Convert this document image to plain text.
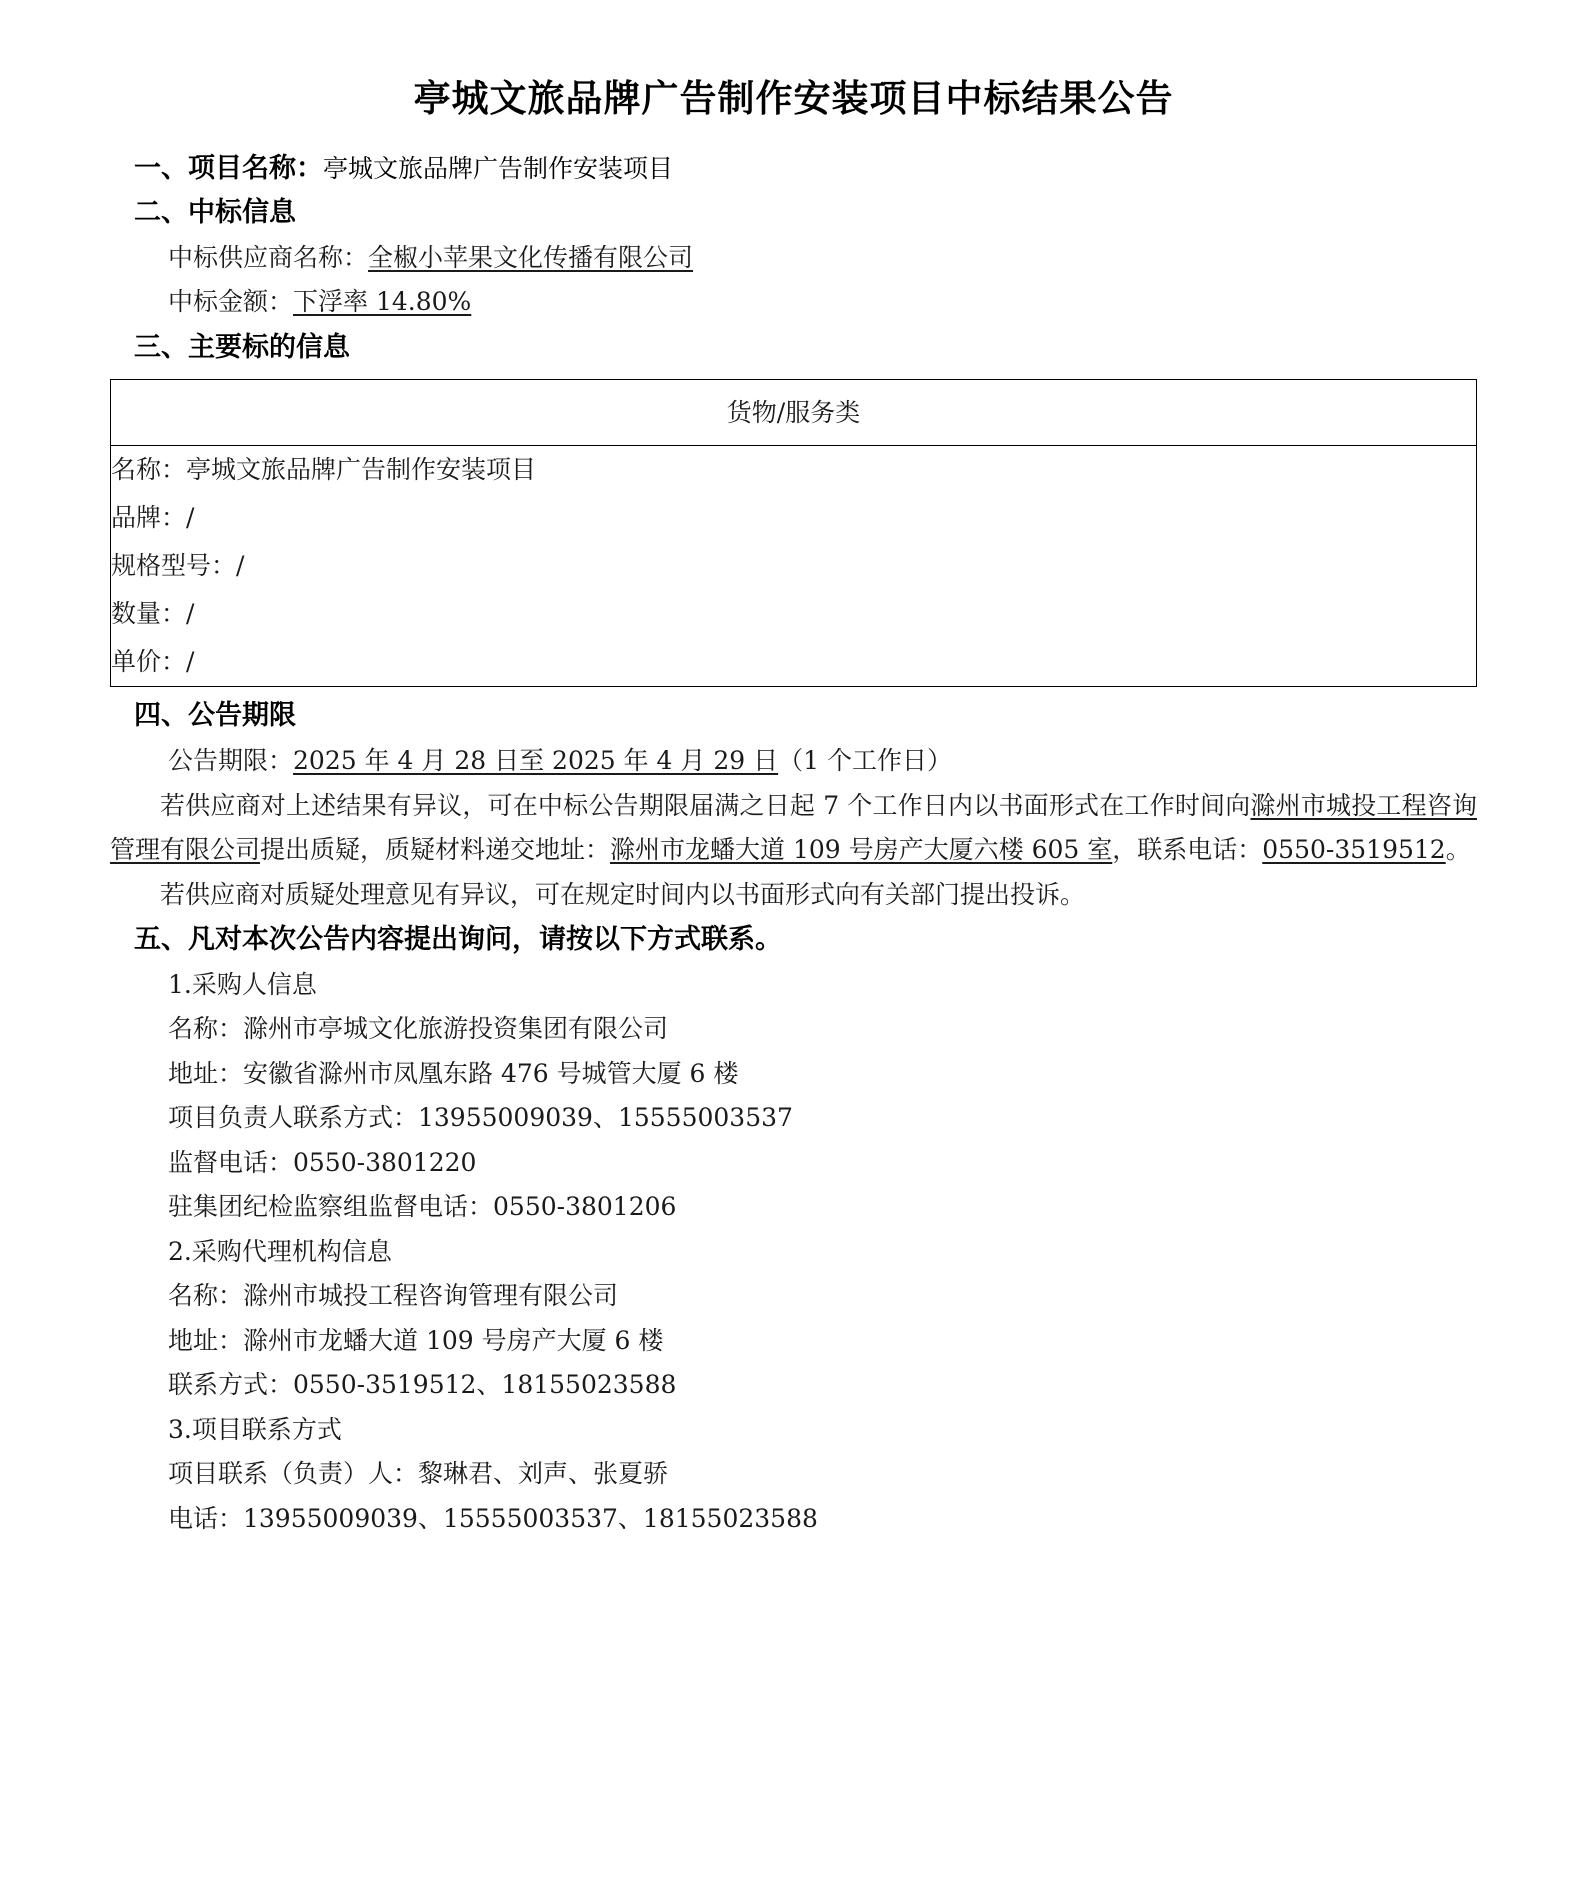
亭城文旅品牌广告制作安装项目中标结果公告
一、项目名称：亭城文旅品牌广告制作安装项目
二、中标信息
中标供应商名称：全椒小苹果文化传播有限公司
中标金额：下浮率 14.80%
三、主要标的信息
货物/服务类

名称：亭城文旅品牌广告制作安装项目
品牌：/
规格型号：/
数量：/
单价：/
四、公告期限
公告期限：2025 年 4 月 28 日至 2025 年 4 月 29 日（1 个工作日）

若供应商对上述结果有异议，可在中标公告期限届满之日起 7 个工作日内以书面形式在工作时间向滁州市城投工程咨询管理有限公司提出质疑，质疑材料递交地址：滁州市龙蟠大道 109 号房产大厦六楼 605 室，联系电话：0550-3519512。

若供应商对质疑处理意见有异议，可在规定时间内以书面形式向有关部门提出投诉。

五、凡对本次公告内容提出询问，请按以下方式联系。
1.采购人信息
名称：滁州市亭城文化旅游投资集团有限公司
地址：安徽省滁州市凤凰东路 476 号城管大厦 6 楼
项目负责人联系方式：13955009039、15555003537
监督电话：0550-3801220
驻集团纪检监察组监督电话：0550-3801206
2.采购代理机构信息
名称：滁州市城投工程咨询管理有限公司
地址：滁州市龙蟠大道 109 号房产大厦 6 楼
联系方式：0550-3519512、18155023588
3.项目联系方式
项目联系（负责）人：黎琳君、刘声、张夏骄
电话：13955009039、15555003537、18155023588
